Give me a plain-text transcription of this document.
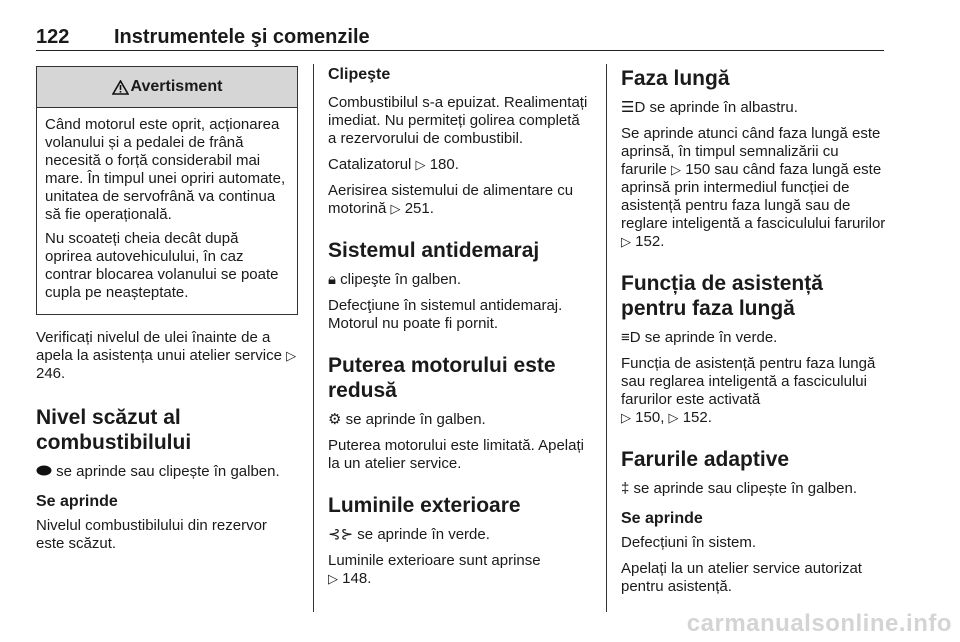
122 Instrumentele şi comenzile
Avertisment

Când motorul este oprit, acționarea volanului și a pedalei de frână necesită o forță considerabil mai mare. În timpul unei opriri automate, unitatea de servofrână va continua să fie operațională.

Nu scoateți cheia decât după oprirea autovehiculului, în caz contrar blocarea volanului se poate cupla pe neașteptate.

Verificați nivelul de ulei înainte de a apela la asistența unui atelier service ▷ 246.

Nivel scăzut al combustibilului

se aprinde sau clipește în galben.

Se aprinde

Nivelul combustibilului din rezervor este scăzut.

Clipeşte

Combustibilul s-a epuizat. Realimentați imediat. Nu permiteți golirea completă a rezervorului de combustibil.

Catalizatorul ▷ 180.

Aerisirea sistemului de alimentare cu motorină ▷ 251.

Sistemul antidemaraj

🔒︎ clipeşte în galben.

Defecţiune în sistemul antidemaraj. Motorul nu poate fi pornit.

Puterea motorului este redusă

⚙ se aprinde în galben.

Puterea motorului este limitată. Apelați la un atelier service.

Luminile exterioare

⊰⊱ se aprinde în verde.

Luminile exterioare sunt aprinse
▷ 148.

Faza lungă

☰D se aprinde în albastru.

Se aprinde atunci când faza lungă este aprinsă, în timpul semnalizării cu farurile ▷ 150 sau când faza lungă este aprinsă prin intermediul funcției de asistență pentru faza lungă sau de reglare inteligentă a fasciculului farurilor ▷ 152.

Funcția de asistență pentru faza lungă

≡D se aprinde în verde.

Funcția de asistență pentru faza lungă sau reglarea inteligentă a fasciculului farurilor este activată
▷ 150, ▷ 152.

Farurile adaptive

‡ se aprinde sau clipește în galben.

Se aprinde

Defecțiuni în sistem.

Apelați la un atelier service autorizat pentru asistență.

carmanualsonline.info
